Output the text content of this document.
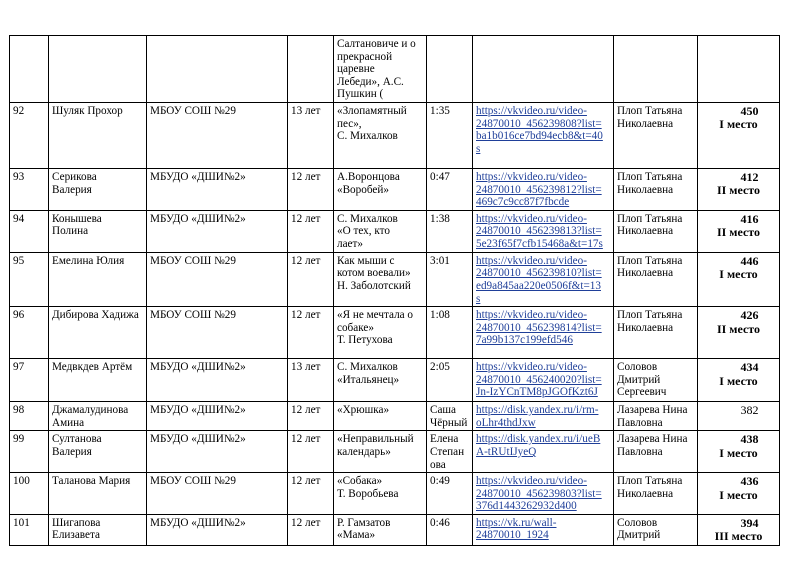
				Салтановиче и о
прекрасной
царевне
Лебеди», А.С.
Пушкин (				

92	Шуляк Прохор	МБОУ СОШ №29	13 лет	«Злопамятный
пес»,
С. Михалков	1:35	https://vkvideo.ru/video-
24870010_456239808?list=
ba1b016ce7bd94ecb8&t=40
s	Плоп Татьяна
Николаевна	450
I место

93	Серикова
Валерия	МБУДО «ДШИ№2»	12 лет	А.Воронцова
«Воробей»	0:47	https://vkvideo.ru/video-
24870010_456239812?list=
469c7c9cc87f7fbcde	Плоп Татьяна
Николаевна	412
II место

94	Конышева
Полина	МБУДО «ДШИ№2»	12 лет	С. Михалков
«О тех, кто
лает»	1:38	https://vkvideo.ru/video-
24870010_456239813?list=
5e23f65f7cfb15468a&t=17s	Плоп Татьяна
Николаевна	416
II место

95	Емелина Юлия	МБОУ СОШ №29	12 лет	Как мыши с
котом воевали»
Н. Заболотский	3:01	https://vkvideo.ru/video-
24870010_456239810?list=
ed9a845aa220e0506f&t=13
s	Плоп Татьяна
Николаевна	446
I место

96	Дибирова Хадижа	МБОУ СОШ №29	12 лет	«Я не мечтала о
собаке»
Т. Петухова	1:08	https://vkvideo.ru/video-
24870010_456239814?list=
7a99b137c199efd546	Плоп Татьяна
Николаевна	426
II место

97	Медвкдев Артём	МБУДО «ДШИ№2»	13 лет	С. Михалков
«Итальянец»	2:05	https://vkvideo.ru/video-
24870010_456240020?list=
Jn-IzYCnTM8pJGOfKzt6J	Соловов
Дмитрий
Сергеевич	434
I место

98	Джамалудинова
Амина	МБУДО «ДШИ№2»	12 лет	«Хрюшка»	Саша
Чёрный	https://disk.yandex.ru/i/rm-
oLhr4thdJxw	Лазарева Нина
Павловна	382

99	Султанова
Валерия	МБУДО «ДШИ№2»	12 лет	«Неправильный
календарь»	Елена
Степан
ова	https://disk.yandex.ru/i/ueB
A-tRUtIJyeQ	Лазарева Нина
Павловна	438
I место

100	Таланова Мария	МБОУ СОШ №29	12 лет	«Собака»
Т. Воробьева	0:49	https://vkvideo.ru/video-
24870010_456239803?list=
376d1443262932d400	Плоп Татьяна
Николаевна	436
I место

101	Шигапова
Елизавета	МБУДО «ДШИ№2»	12 лет	Р. Гамзатов
«Мама»	0:46	https://vk.ru/wall-
24870010_1924	Соловов
Дмитрий	394
III место
